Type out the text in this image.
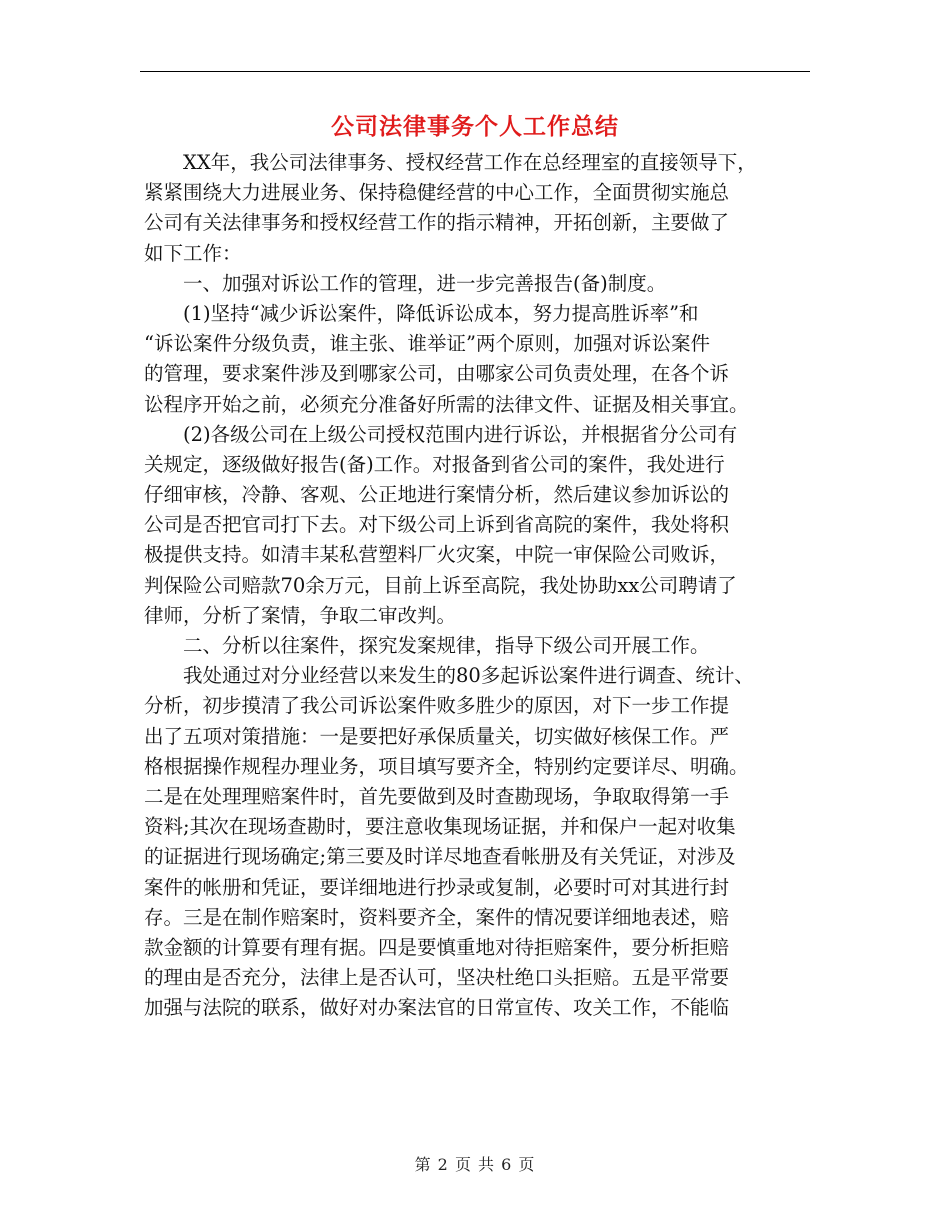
公司法律事务个人工作总结
　　XX年，我公司法律事务、授权经营工作在总经理室的直接领导下，
紧紧围绕大力进展业务、保持稳健经营的中心工作，全面贯彻实施总
公司有关法律事务和授权经营工作的指示精神，开拓创新，主要做了
如下工作：
　　一、加强对诉讼工作的管理，进一步完善报告(备)制度。
　　(1)坚持“减少诉讼案件，降低诉讼成本，努力提高胜诉率”和
“诉讼案件分级负责，谁主张、谁举证”两个原则，加强对诉讼案件
的管理，要求案件涉及到哪家公司，由哪家公司负责处理，在各个诉
讼程序开始之前，必须充分准备好所需的法律文件、证据及相关事宜。
　　(2)各级公司在上级公司授权范围内进行诉讼，并根据省分公司有
关规定，逐级做好报告(备)工作。对报备到省公司的案件，我处进行
仔细审核，冷静、客观、公正地进行案情分析，然后建议参加诉讼的
公司是否把官司打下去。对下级公司上诉到省高院的案件，我处将积
极提供支持。如清丰某私营塑料厂火灾案，中院一审保险公司败诉，
判保险公司赔款70余万元，目前上诉至高院，我处协助xx公司聘请了
律师，分析了案情，争取二审改判。
　　二、分析以往案件，探究发案规律，指导下级公司开展工作。
　　我处通过对分业经营以来发生的80多起诉讼案件进行调查、统计、
分析，初步摸清了我公司诉讼案件败多胜少的原因，对下一步工作提
出了五项对策措施：一是要把好承保质量关，切实做好核保工作。严
格根据操作规程办理业务，项目填写要齐全，特别约定要详尽、明确。
二是在处理理赔案件时，首先要做到及时查勘现场，争取取得第一手
资料;其次在现场查勘时，要注意收集现场证据，并和保户一起对收集
的证据进行现场确定;第三要及时详尽地查看帐册及有关凭证，对涉及
案件的帐册和凭证，要详细地进行抄录或复制，必要时可对其进行封
存。三是在制作赔案时，资料要齐全，案件的情况要详细地表述，赔
款金额的计算要有理有据。四是要慎重地对待拒赔案件，要分析拒赔
的理由是否充分，法律上是否认可，坚决杜绝口头拒赔。五是平常要
加强与法院的联系，做好对办案法官的日常宣传、攻关工作，不能临
第 2 页 共 6 页
